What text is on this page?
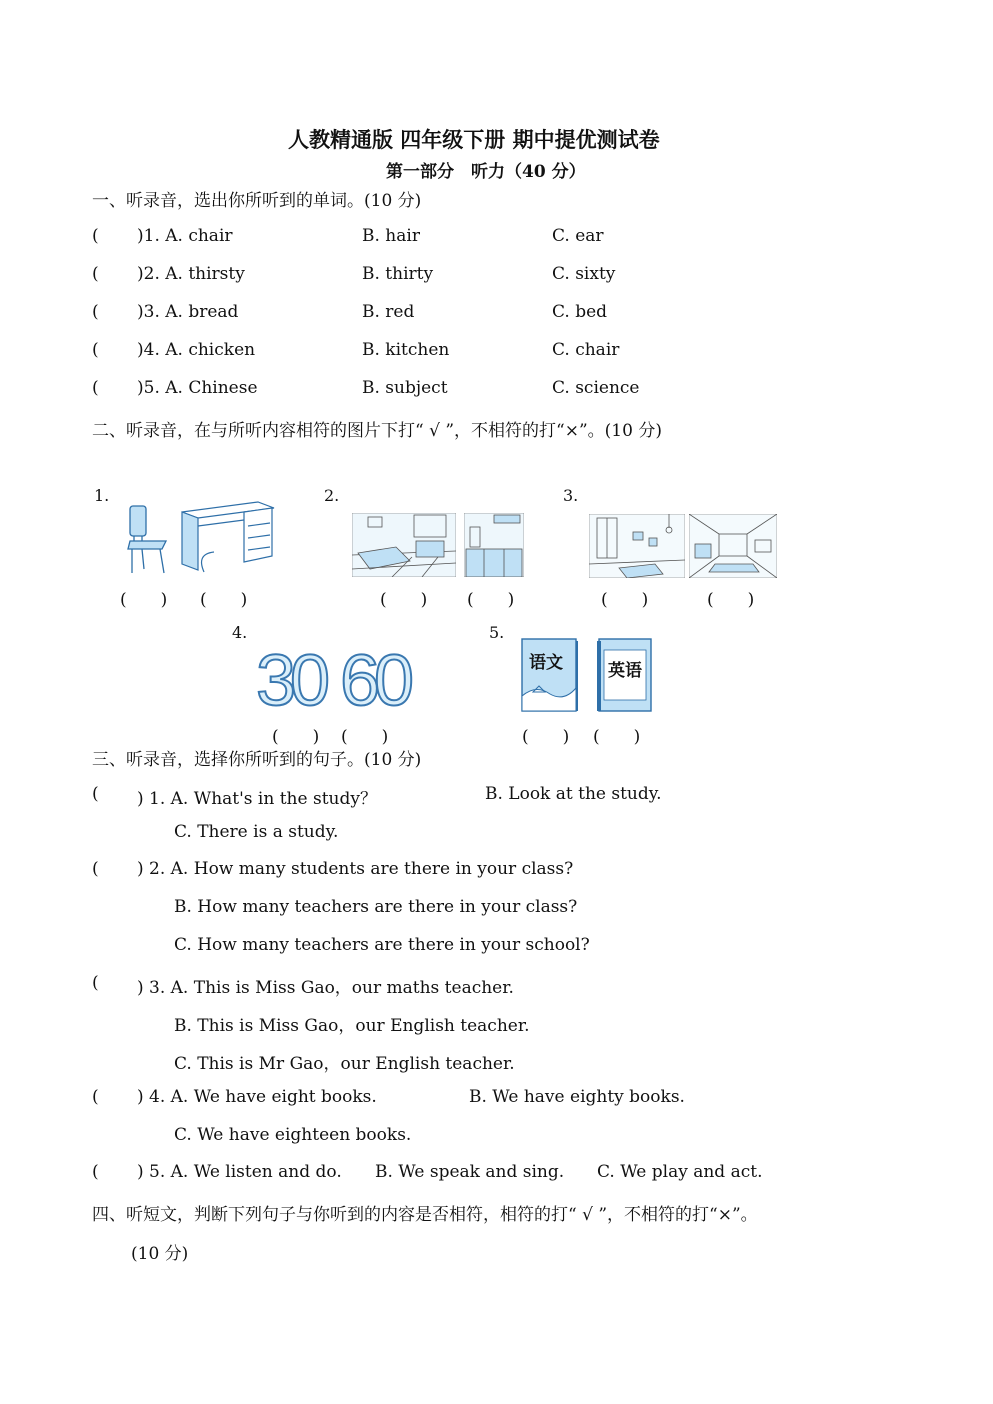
人教精通版 四年级下册 期中提优测试卷
第一部分　听力（40 分）
一、听录音，选出你所听到的单词。(10 分)
( )1. A. chair	B. hair	C. ear
( )2. A. thirsty	B. thirty	C. sixty
( )3. A. bread	B. red	C. bed
( )4. A. chicken	B. kitchen	C. chair
( )5. A. Chinese	B. subject	C. science
二、听录音，在与所听内容相符的图片下打“ √ ”，不相符的打“×”。(10 分)
1.	2.	3.
4.	5.
(　　) (　　)	(　　) (　　)	(　　)	(　　)
30 60
(　　) (　　)
语文	英语
(　　) (　　)
三、听录音，选择你所听到的句子。(10 分)
( ) 1. A. What's in the study？	B. Look at the study.
C. There is a study.
( ) 2. A. How many students are there in your class?
B. How many teachers are there in your class?
C. How many teachers are there in your school?
( ) 3. A. This is Miss Gao，our maths teacher.
B. This is Miss Gao，our English teacher.
C. This is Mr Gao，our English teacher.
( ) 4. A. We have eight books.	B. We have eighty books.
C. We have eighteen books.
( ) 5. A. We listen and do. B. We speak and sing. C. We play and act.
四、听短文，判断下列句子与你听到的内容是否相符，相符的打“ √ ”，不相符的打“×”。
(10 分)
